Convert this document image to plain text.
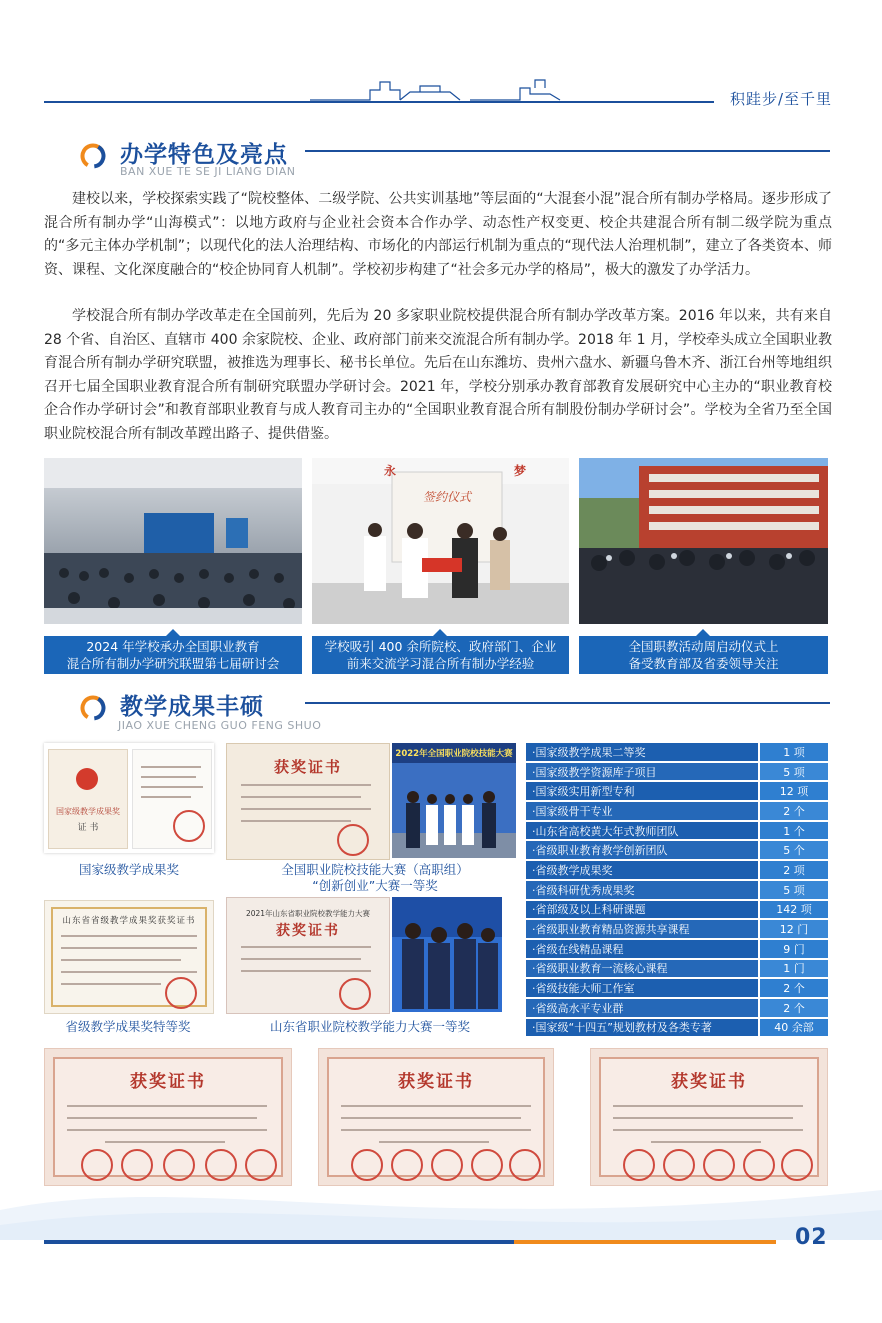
积跬步/至千里
办学特色及亮点
BAN XUE TE SE JI LIANG DIAN
建校以来，学校探索实践了“院校整体、二级学院、公共实训基地”等层面的“大混套小混”混合所有制办学格局。逐步形成了混合所有制办学“山海模式”：以地方政府与企业社会资本合作办学、动态性产权变更、校企共建混合所有制二级学院为重点的“多元主体办学机制”；以现代化的法人治理结构、市场化的内部运行机制为重点的“现代法人治理机制”，建立了各类资本、师资、课程、文化深度融合的“校企协同育人机制”。学校初步构建了“社会多元办学的格局”，极大的激发了办学活力。
学校混合所有制办学改革走在全国前列，先后为 20 多家职业院校提供混合所有制办学改革方案。2016 年以来，共有来自 28 个省、自治区、直辖市 400 余家院校、企业、政府部门前来交流混合所有制办学。2018 年 1 月，学校牵头成立全国职业教育混合所有制办学研究联盟，被推选为理事长、秘书长单位。先后在山东潍坊、贵州六盘水、新疆乌鲁木齐、浙江台州等地组织召开七届全国职业教育混合所有制研究联盟办学研讨会。2021 年，学校分别承办教育部教育发展研究中心主办的“职业教育校企合作办学研讨会”和教育部职业教育与成人教育司主办的“全国职业教育混合所有制股份制办学研讨会”。学校为全省乃至全国职业院校混合所有制改革蹚出路子、提供借鉴。
2024 年学校承办全国职业教育
混合所有制办学研究联盟第七届研讨会
永	梦
签约仪式
学校吸引 400 余所院校、政府部门、企业
前来交流学习混合所有制办学经验
全国职教活动周启动仪式上
备受教育部及省委领导关注
教学成果丰硕
JIAO XUE CHENG GUO FENG SHUO
国家级教学成果奖
证 书
国家级教学成果奖
获奖证书
2022年全国职业院校技能大赛
全国职业院校技能大赛（高职组）
“创新创业”大赛一等奖
山东省省级教学成果奖获奖证书
省级教学成果奖特等奖
2021年山东省职业院校教学能力大赛
获奖证书
山东省职业院校教学能力大赛一等奖
·国家级教学成果二等奖	1 项
·国家级教学资源库子项目	5 项
·国家级实用新型专利	12 项
·国家级骨干专业	2 个
·山东省高校黄大年式教师团队	1 个
·省级职业教育教学创新团队	5 个
·省级教学成果奖	2 项
·省级科研优秀成果奖	5 项
·省部级及以上科研课题	142 项
·省级职业教育精品资源共享课程	12 门
·省级在线精品课程	9 门
·省级职业教育一流核心课程	1 门
·省级技能大师工作室	2 个
·省级高水平专业群	2 个
·国家级“十四五”规划教材及各类专著	40 余部
获奖证书	获奖证书	获奖证书
02
